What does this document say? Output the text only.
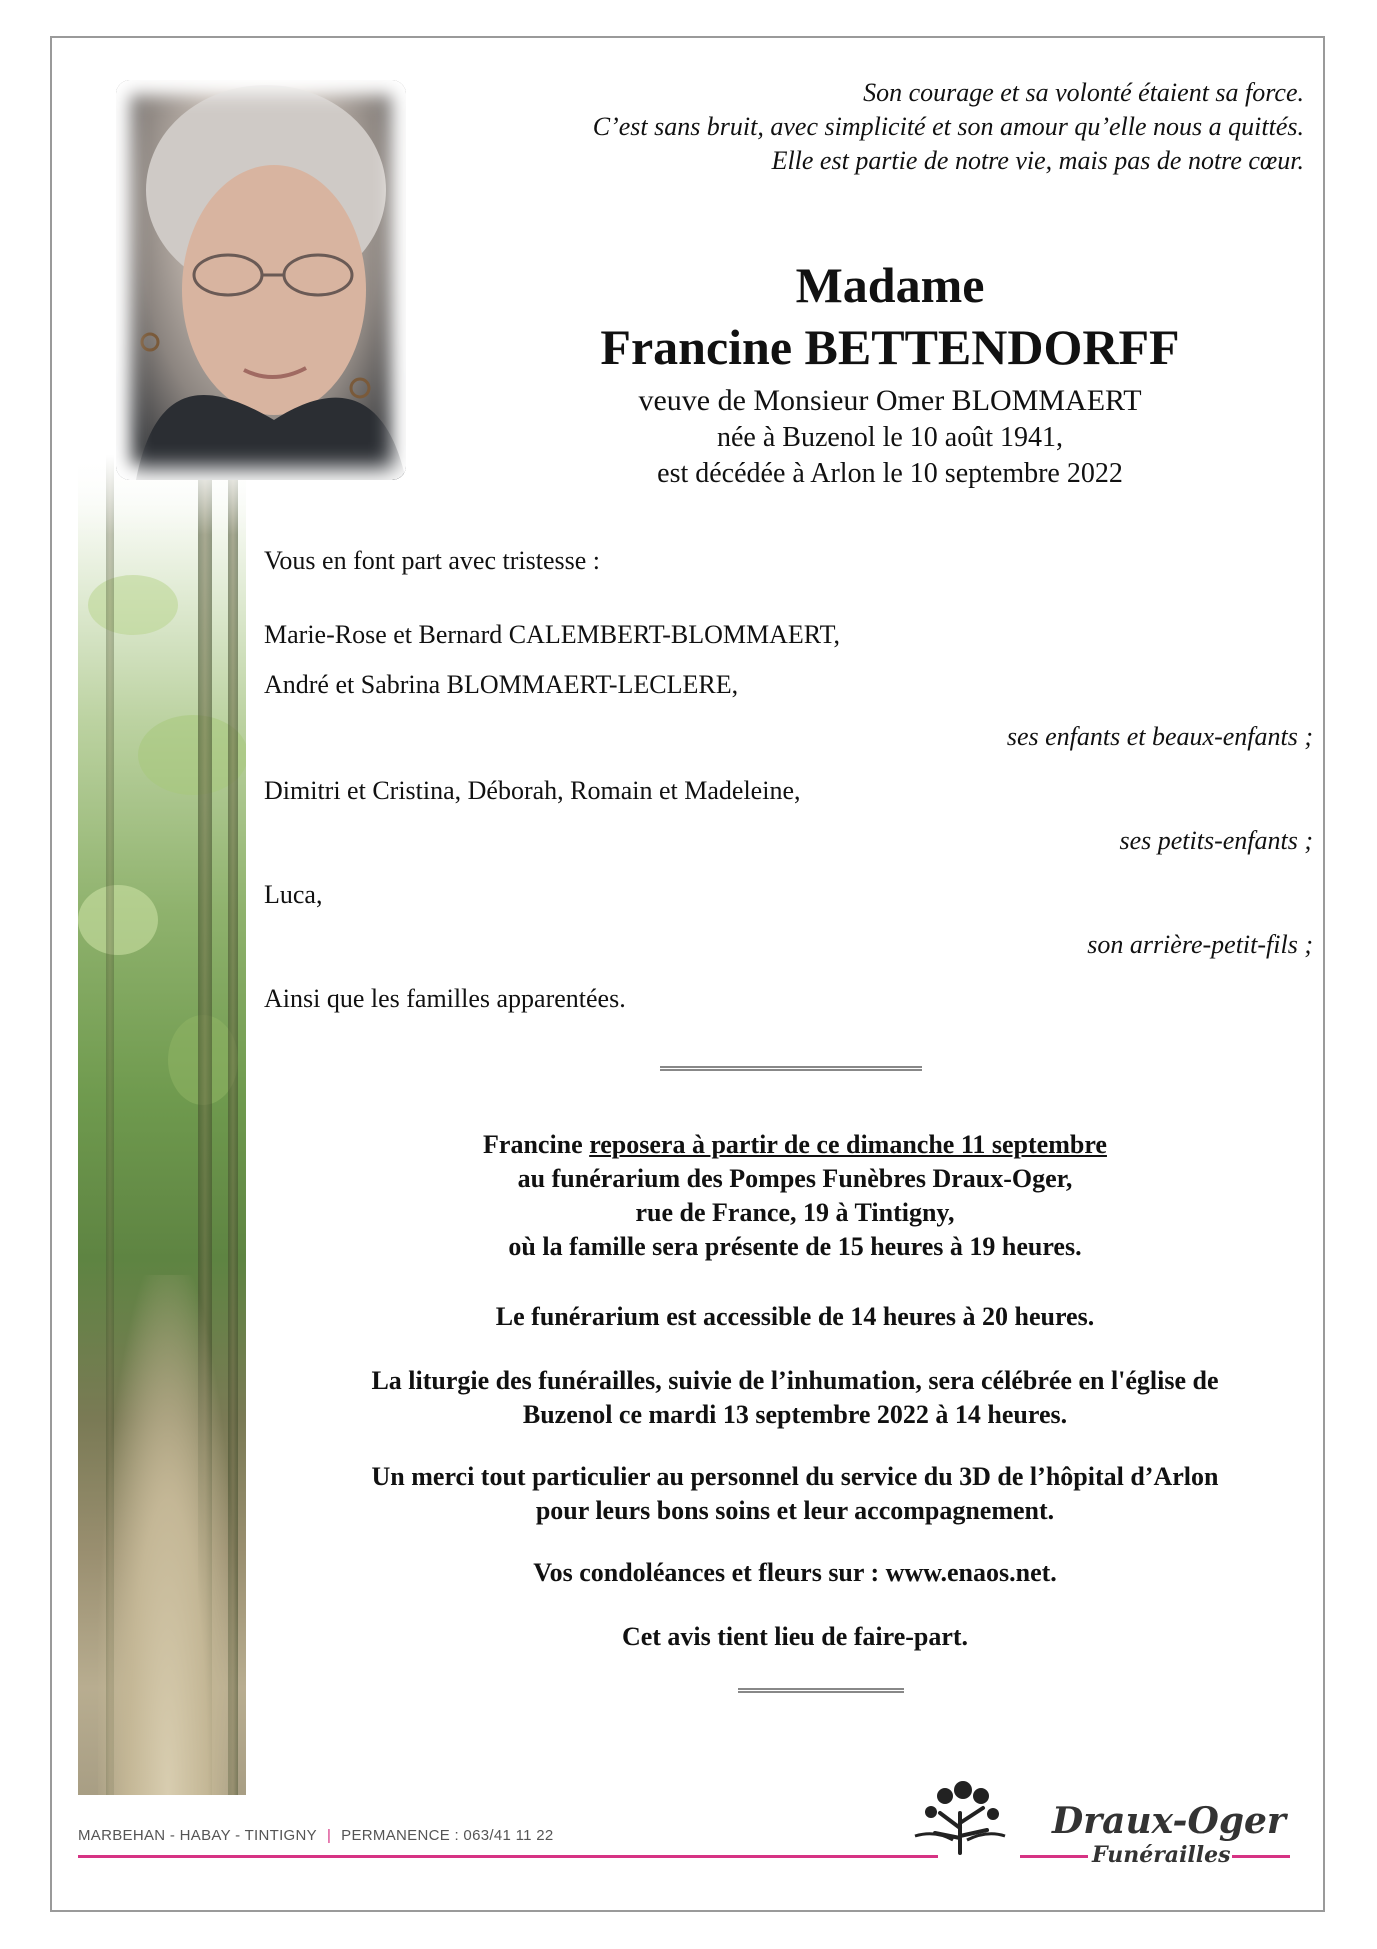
Son courage et sa volonté étaient sa force.
C’est sans bruit, avec simplicité et son amour qu’elle nous a quittés.
Elle est partie de notre vie, mais pas de notre cœur.
Madame
Francine BETTENDORFF
veuve de Monsieur Omer BLOMMAERT
née à Buzenol le 10 août 1941,
est décédée à Arlon le 10 septembre 2022
Vous en font part avec tristesse :
Marie-Rose et Bernard CALEMBERT-BLOMMAERT,
André et Sabrina BLOMMAERT-LECLERE,
ses enfants et beaux-enfants ;
Dimitri et Cristina, Déborah, Romain et Madeleine,
ses petits-enfants ;
Luca,
son arrière-petit-fils ;
Ainsi que les familles apparentées.
Francine reposera à partir de ce dimanche 11 septembre
au funérarium des Pompes Funèbres Draux-Oger,
rue de France, 19 à Tintigny,
où la famille sera présente de 15 heures à 19 heures.
Le funérarium est accessible de 14 heures à 20 heures.
La liturgie des funérailles, suivie de l’inhumation, sera célébrée en l'église de
Buzenol ce mardi 13 septembre 2022 à 14 heures.
Un merci tout particulier au personnel du service du 3D de l’hôpital d’Arlon
pour leurs bons soins et leur accompagnement.
Vos condoléances et fleurs sur : www.enaos.net.
Cet avis tient lieu de faire-part.
MARBEHAN - HABAY - TINTIGNY | PERMANENCE : 063/41 11 22	Draux-Oger
Funérailles
